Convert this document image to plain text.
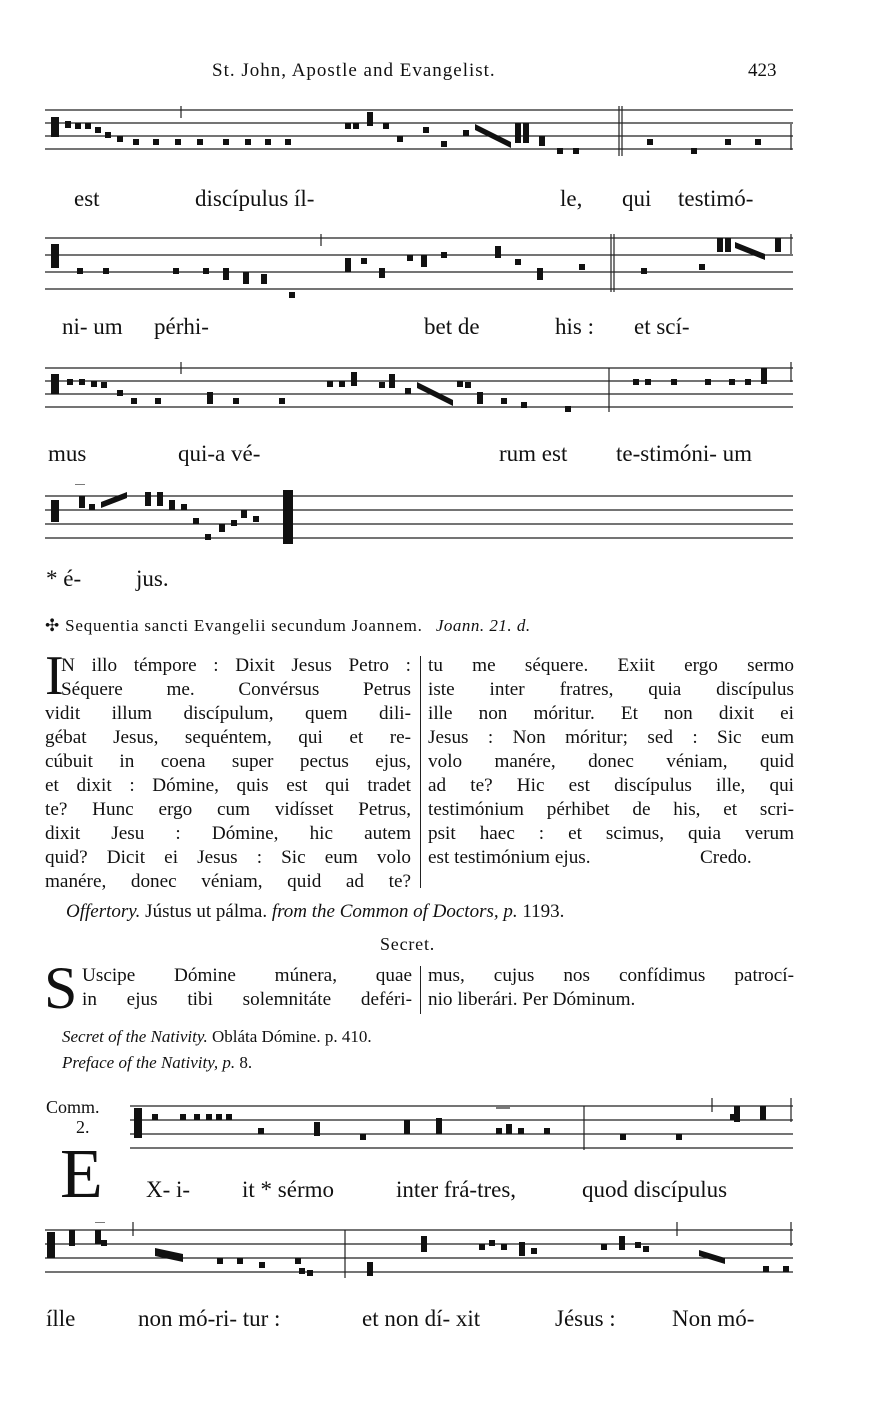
St. John, Apostle and Evangelist.	423
est	discípulus íl-	le, qui testimó-
ni- um pérhi-	bet de	his : et scí-
mus	qui-a vé-	rum est te-stimóni- um
* é- jus.
✣ Sequentia sancti Evangelii secundum Joannem. Joann. 21. d.
I
N illo témpore : Dixit Jesus Petro :
Séquere me. Convérsus Petrus
vidit illum discípulum, quem dili-
gébat Jesus, sequéntem, qui et re-
cúbuit in coena super pectus ejus,
et dixit : Dómine, quis est qui tradet
te? Hunc ergo cum vidísset Petrus,
dixit Jesu : Dómine, hic autem
quid? Dicit ei Jesus : Sic eum volo
manére, donec véniam, quid ad te?
tu me séquere. Exiit ergo sermo
iste inter fratres, quia discípulus
ille non móritur. Et non dixit ei
Jesus : Non móritur; sed : Sic eum
volo manére, donec véniam, quid
ad te? Hic est discípulus ille, qui
testimónium pérhibet de his, et scri-
psit haec : et scimus, quia verum
est testimónium ejus.	Credo.
Offertory. Jústus ut pálma. from the Common of Doctors, p. 1193.
Secret.
S Uscipe Dómine múnera, quae
in ejus tibi solemnitáte deféri-
mus, cujus nos confídimus patrocí-
nio liberári. Per Dóminum.
Secret of the Nativity. Obláta Dómine. p. 410.
Preface of the Nativity, p. 8.
Comm.
2.
E X- i- it * sérmo	inter frá-tres,	quod discípulus
ílle	non mó-ri- tur :	et non dí- xit	Jésus : Non mó-
